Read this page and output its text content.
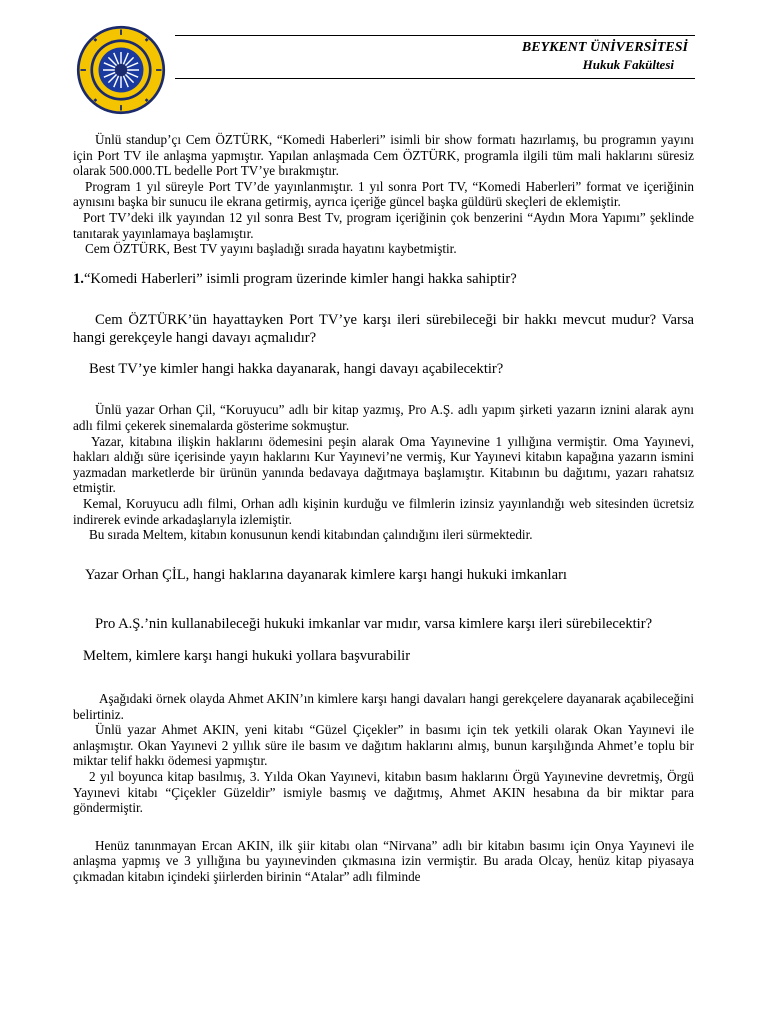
BEYKENT ÜNİVERSİTESİ
Hukuk Fakültesi

Ünlü standup’çı Cem ÖZTÜRK, “Komedi Haberleri” isimli bir show formatı hazırlamış, bu programın yayını için Port TV ile anlaşma yapmıştır. Yapılan anlaşmada Cem ÖZTÜRK, programla ilgili tüm mali haklarını süresiz olarak 500.000.TL bedelle Port TV’ye bırakmıştır.

Program 1 yıl süreyle Port TV’de yayınlanmıştır. 1 yıl sonra Port TV, “Komedi Haberleri” format ve içeriğinin aynısını başka bir sunucu ile ekrana getirmiş, ayrıca içeriğe güncel başka güldürü skeçleri de eklemiştir.

Port TV’deki ilk yayından 12 yıl sonra Best Tv, program içeriğinin çok benzerini “Aydın Mora Yapımı” şeklinde tanıtarak yayınlamaya başlamıştır.

Cem ÖZTÜRK, Best TV yayını başladığı sırada hayatını kaybetmiştir.

1.“Komedi Haberleri” isimli program üzerinde kimler hangi hakka sahiptir?

Cem ÖZTÜRK’ün hayattayken Port TV’ye karşı ileri sürebileceği bir hakkı mevcut mudur? Varsa hangi gerekçeyle hangi davayı açmalıdır?

Best TV’ye kimler hangi hakka dayanarak, hangi davayı açabilecektir?

Ünlü yazar Orhan Çil, “Koruyucu” adlı bir kitap yazmış, Pro A.Ş. adlı yapım şirketi yazarın iznini alarak aynı adlı filmi çekerek sinemalarda gösterime sokmuştur.

Yazar, kitabına ilişkin haklarını ödemesini peşin alarak Oma Yayınevine 1 yıllığına vermiştir. Oma Yayınevi, hakları aldığı süre içerisinde yayın haklarını Kur Yayınevi’ne vermiş, Kur Yayınevi kitabın kapağına yazarın ismini yazmadan marketlerde bir ürünün yanında bedavaya dağıtmaya başlamıştır. Kitabının bu dağıtımı, yazarı rahatsız etmiştir.

Kemal, Koruyucu adlı filmi, Orhan adlı kişinin kurduğu ve filmlerin izinsiz yayınlandığı web sitesinden ücretsiz indirerek evinde arkadaşlarıyla izlemiştir.

Bu sırada Meltem, kitabın konusunun kendi kitabından çalındığını ileri sürmektedir.

Yazar Orhan ÇİL, hangi haklarına dayanarak kimlere karşı hangi hukuki imkanları

Pro A.Ş.’nin kullanabileceği hukuki imkanlar var mıdır, varsa kimlere karşı ileri sürebilecektir?

Meltem, kimlere karşı hangi hukuki yollara başvurabilir

Aşağıdaki örnek olayda Ahmet AKIN’ın kimlere karşı hangi davaları hangi gerekçelere dayanarak açabileceğini belirtiniz.

Ünlü yazar Ahmet AKIN, yeni kitabı “Güzel Çiçekler” in basımı için tek yetkili olarak Okan Yayınevi ile anlaşmıştır. Okan Yayınevi 2 yıllık süre ile basım ve dağıtım haklarını almış, bunun karşılığında Ahmet’e toplu bir miktar telif hakkı ödemesi yapmıştır.

2 yıl boyunca kitap basılmış, 3. Yılda Okan Yayınevi, kitabın basım haklarını Örgü Yayınevine devretmiş, Örgü Yayınevi kitabı “Çiçekler Güzeldir” ismiyle basmış ve dağıtmış, Ahmet AKIN hesabına da bir miktar para göndermiştir.

Henüz tanınmayan Ercan AKIN, ilk şiir kitabı olan “Nirvana” adlı bir kitabın basımı için Onya Yayınevi ile anlaşma yapmış ve 3 yıllığına bu yayınevinden çıkmasına izin vermiştir. Bu arada Olcay, henüz kitap piyasaya çıkmadan kitabın içindeki şiirlerden birinin “Atalar” adlı filminde
